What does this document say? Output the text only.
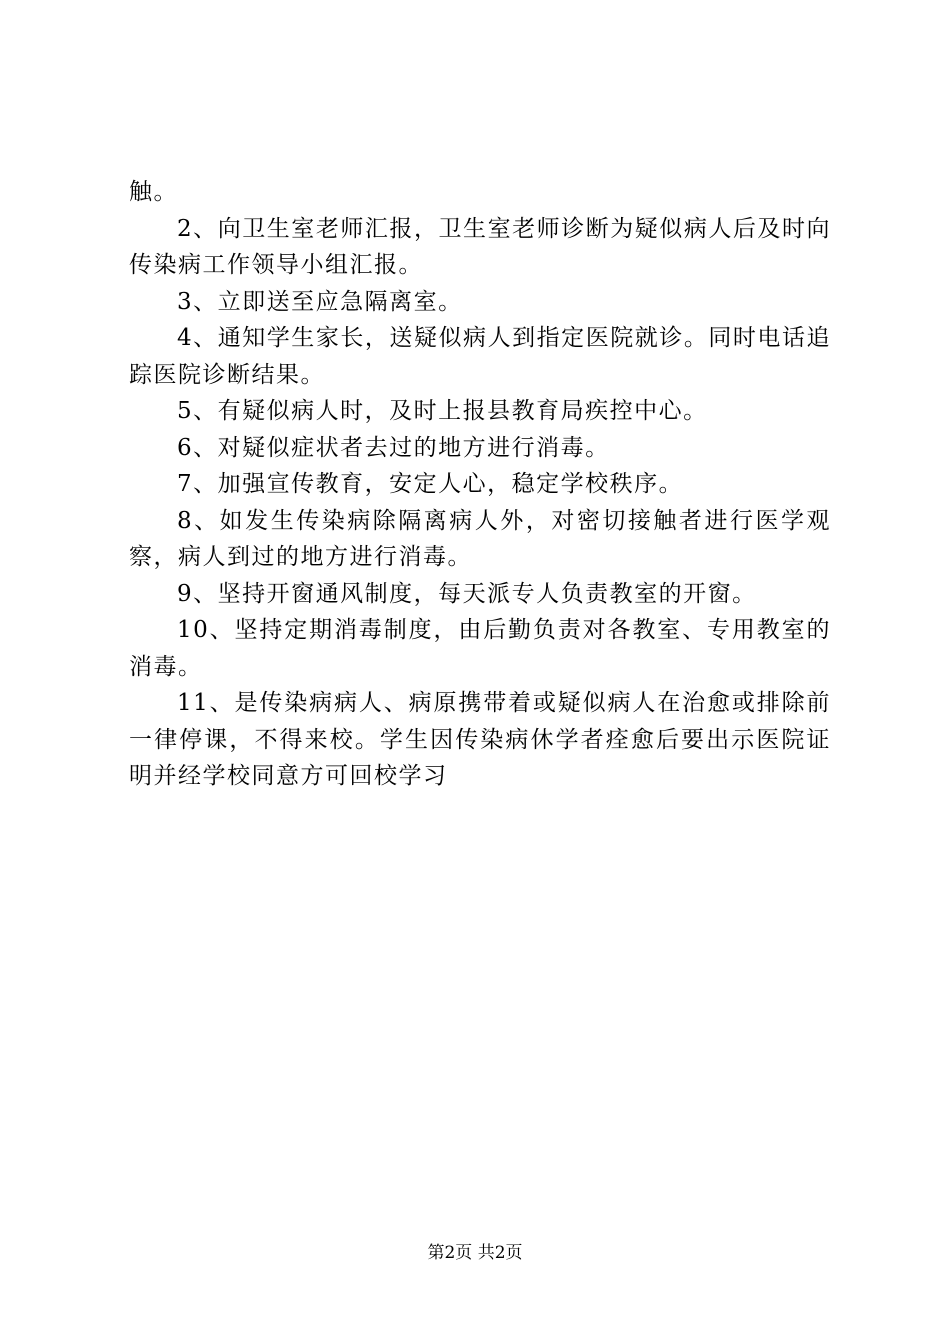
触。

2、向卫生室老师汇报，卫生室老师诊断为疑似病人后及时向传染病工作领导小组汇报。

3、立即送至应急隔离室。

4、通知学生家长，送疑似病人到指定医院就诊。同时电话追踪医院诊断结果。

5、有疑似病人时，及时上报县教育局疾控中心。

6、对疑似症状者去过的地方进行消毒。

7、加强宣传教育，安定人心，稳定学校秩序。

8、如发生传染病除隔离病人外，对密切接触者进行医学观察，病人到过的地方进行消毒。

9、坚持开窗通风制度，每天派专人负责教室的开窗。

10、坚持定期消毒制度，由后勤负责对各教室、专用教室的消毒。

11、是传染病病人、病原携带着或疑似病人在治愈或排除前一律停课，不得来校。学生因传染病休学者痊愈后要出示医院证明并经学校同意方可回校学习

第2页 共2页
